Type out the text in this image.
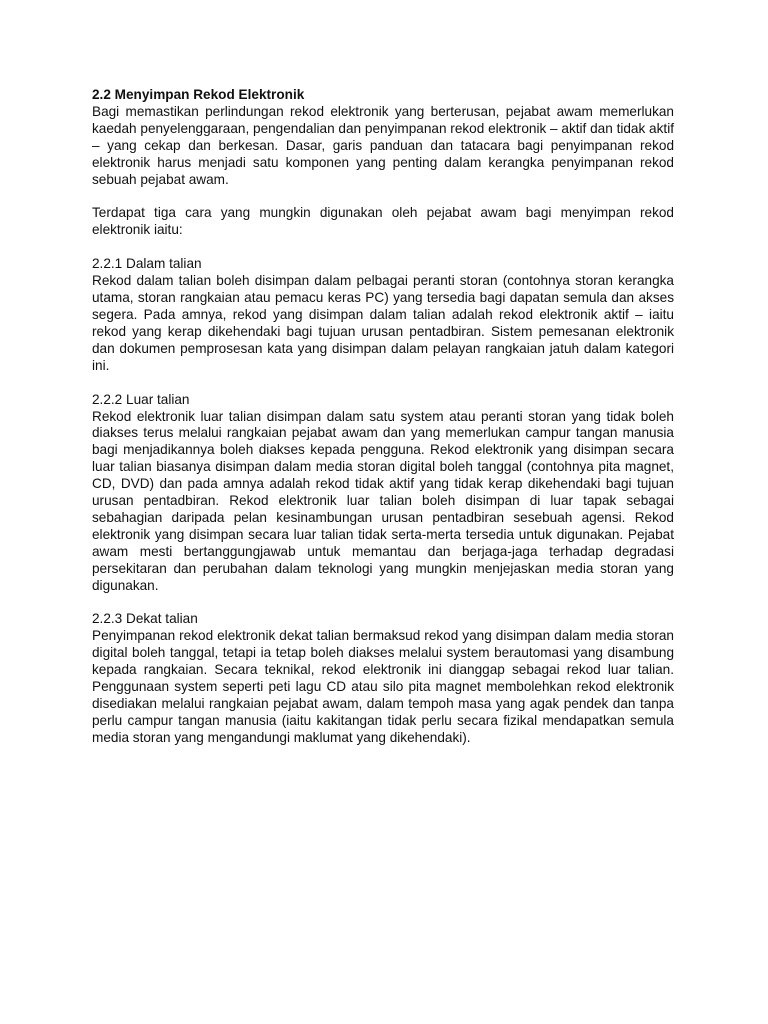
2.2 Menyimpan Rekod Elektronik

Bagi memastikan perlindungan rekod elektronik yang berterusan, pejabat awam memerlukan kaedah penyelenggaraan, pengendalian dan penyimpanan rekod elektronik – aktif dan tidak aktif – yang cekap dan berkesan. Dasar, garis panduan dan tatacara bagi penyimpanan rekod elektronik harus menjadi satu komponen yang penting dalam kerangka penyimpanan rekod sebuah pejabat awam.

Terdapat tiga cara yang mungkin digunakan oleh pejabat awam bagi menyimpan rekod elektronik iaitu:

2.2.1 Dalam talian

Rekod dalam talian boleh disimpan dalam pelbagai peranti storan (contohnya storan kerangka utama, storan rangkaian atau pemacu keras PC) yang tersedia bagi dapatan semula dan akses segera. Pada amnya, rekod yang disimpan dalam talian adalah rekod elektronik aktif – iaitu rekod yang kerap dikehendaki bagi tujuan urusan pentadbiran. Sistem pemesanan elektronik dan dokumen pemprosesan kata yang disimpan dalam pelayan rangkaian jatuh dalam kategori ini.

2.2.2 Luar talian

Rekod elektronik luar talian disimpan dalam satu system atau peranti storan yang tidak boleh diakses terus melalui rangkaian pejabat awam dan yang memerlukan campur tangan manusia bagi menjadikannya boleh diakses kepada pengguna. Rekod elektronik yang disimpan secara luar talian biasanya disimpan dalam media storan digital boleh tanggal (contohnya pita magnet, CD, DVD) dan pada amnya adalah rekod tidak aktif yang tidak kerap dikehendaki bagi tujuan urusan pentadbiran. Rekod elektronik luar talian boleh disimpan di luar tapak sebagai sebahagian daripada pelan kesinambungan urusan pentadbiran sesebuah agensi. Rekod elektronik yang disimpan secara luar talian tidak serta-merta tersedia untuk digunakan. Pejabat awam mesti bertanggungjawab untuk memantau dan berjaga-jaga terhadap degradasi persekitaran dan perubahan dalam teknologi yang mungkin menjejaskan media storan yang digunakan.

2.2.3 Dekat talian

Penyimpanan rekod elektronik dekat talian bermaksud rekod yang disimpan dalam media storan digital boleh tanggal, tetapi ia tetap boleh diakses melalui system berautomasi yang disambung kepada rangkaian. Secara teknikal, rekod elektronik ini dianggap sebagai rekod luar talian. Penggunaan system seperti peti lagu CD atau silo pita magnet membolehkan rekod elektronik disediakan melalui rangkaian pejabat awam, dalam tempoh masa yang agak pendek dan tanpa perlu campur tangan manusia (iaitu kakitangan tidak perlu secara fizikal mendapatkan semula media storan yang mengandungi maklumat yang dikehendaki).
